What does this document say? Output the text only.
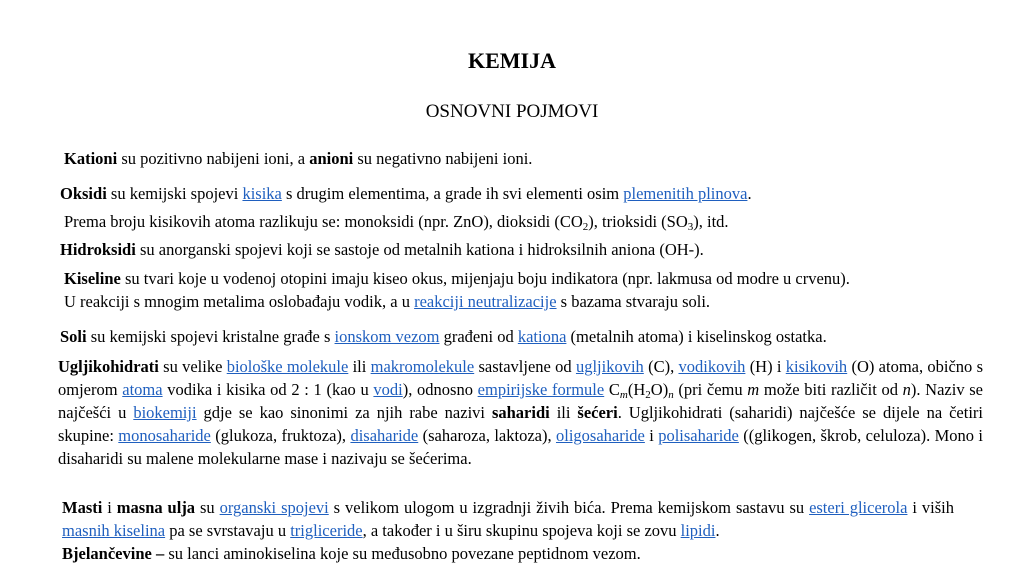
KEMIJA
OSNOVNI POJMOVI
Kationi su pozitivno nabijeni ioni, a anioni su negativno nabijeni ioni.
Oksidi su kemijski spojevi kisika s drugim elementima, a grade ih svi elementi osim plemenitih plinova.
Prema broju kisikovih atoma razlikuju se: monoksidi (npr. ZnO), dioksidi $(CO_2)$, trioksidi $(SO_3)$, itd.
Hidroksidi su anorganski spojevi koji se sastoje od metalnih kationa i hidroksilnih aniona (OH-).
Kiseline su tvari koje u vodenoj otopini imaju kiseo okus, mijenjaju boju indikatora (npr. lakmusa od modre u crvenu).
U reakciji s mnogim metalima oslobađaju vodik, a u reakciji neutralizacije s bazama stvaraju soli.
Soli su kemijski spojevi kristalne građe s ionskom vezom građeni od kationa (metalnih atoma) i kiselinskog ostatka.
Ugljikohidrati su velike biološke molekule ili makromolekule sastavljene od ugljikovih (C), vodikovih (H) i kisikovih (O) atoma, obično s omjerom atoma vodika i kisika od 2 : 1 (kao u vodi), odnosno empirijske formule $C_m(H_2O)_n$ (pri čemu m može biti različit od n). Naziv se najčešći u biokemiji gdje se kao sinonimi za njih rabe nazivi saharidi ili šećeri. Ugljikohidrati (saharidi) najčešće se dijele na četiri skupine: monosaharide (glukoza, fruktoza), disaharide (saharoza, laktoza), oligosaharide i polisaharide ((glikogen, škrob, celuloza). Mono i disaharidi su malene molekularne mase i nazivaju se šećerima.
Masti i masna ulja su organski spojevi s velikom ulogom u izgradnji živih bića. Prema kemijskom sastavu su esteri glicerola i viših masnih kiselina pa se svrstavaju u trigliceride, a također i u širu skupinu spojeva koji se zovu lipidi.
Bjelančevine – su lanci aminokiselina koje su međusobno povezane peptidnom vezom.
